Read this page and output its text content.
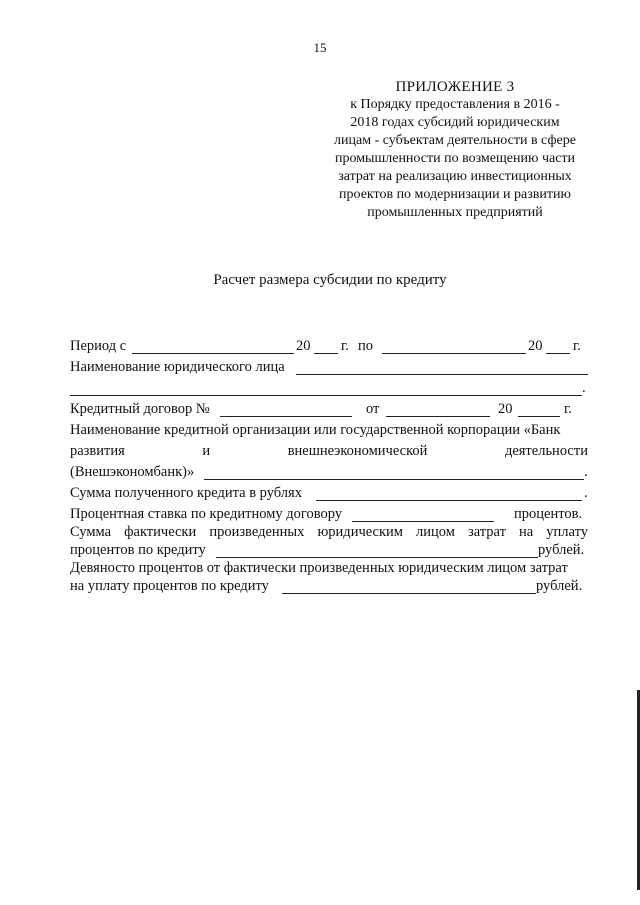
15
ПРИЛОЖЕНИЕ 3
к Порядку предоставления в 2016 -
2018 годах субсидий юридическим
лицам - субъектам деятельности в сфере
промышленности по возмещению части
затрат на реализацию инвестиционных
проектов по модернизации и развитию
промышленных предприятий
Расчет размера субсидии по кредиту
Период с	20 г. по	20 г.
Наименование юридического лица
.
Кредитный договор №	от	20	г.
Наименование кредитной организации или государственной корпорации «Банк
развития	и	внешнеэкономической	деятельности
(Внешэкономбанк)»	.
Сумма полученного кредита в рублях	.
Процентная ставка по кредитному договору	процентов.
Сумма фактически произведенных юридическим лицом затрат на уплату
процентов по кредиту	рублей.
Девяносто процентов от фактически произведенных юридическим лицом затрат
на уплату процентов по кредиту	рублей.
